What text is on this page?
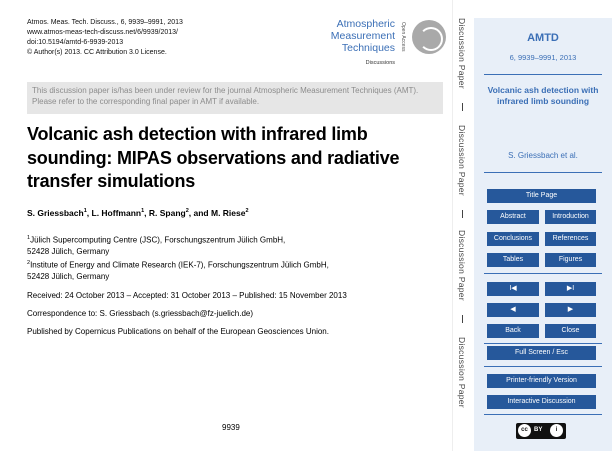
Atmos. Meas. Tech. Discuss., 6, 9939–9991, 2013
www.atmos-meas-tech-discuss.net/6/9939/2013/
doi:10.5194/amtd-6-9939-2013
© Author(s) 2013. CC Attribution 3.0 License.
Atmospheric
Measurement
Techniques Open Access
Discussions
This discussion paper is/has been under review for the journal Atmospheric Measurement Techniques (AMT). Please refer to the corresponding final paper in AMT if available.
Volcanic ash detection with infrared limb sounding: MIPAS observations and radiative transfer simulations
S. Griessbach$^1$, L. Hoffmann$^1$, R. Spang$^2$, and M. Riese$^2$
$^1$Jülich Supercomputing Centre (JSC), Forschungszentrum Jülich GmbH,
52428 Jülich, Germany
$^2$Institute of Energy and Climate Research (IEK-7), Forschungszentrum Jülich GmbH,
52428 Jülich, Germany
Received: 24 October 2013 – Accepted: 31 October 2013 – Published: 15 November 2013
Correspondence to: S. Griessbach (s.griessbach@fz-juelich.de)
Published by Copernicus Publications on behalf of the European Geosciences Union.
9939
Discussion Paper
Discussion Paper
Discussion Paper
Discussion Paper
AMTD
6, 9939–9991, 2013
Volcanic ash detection with infrared limb sounding
S. Griessbach et al.
Title Page
Abstract	Introduction
Conclusions	References
Tables	Figures
I◀	▶I
◀	▶
Back	Close
Full Screen / Esc
Printer-friendly Version
Interactive Discussion
cc	BY	i
